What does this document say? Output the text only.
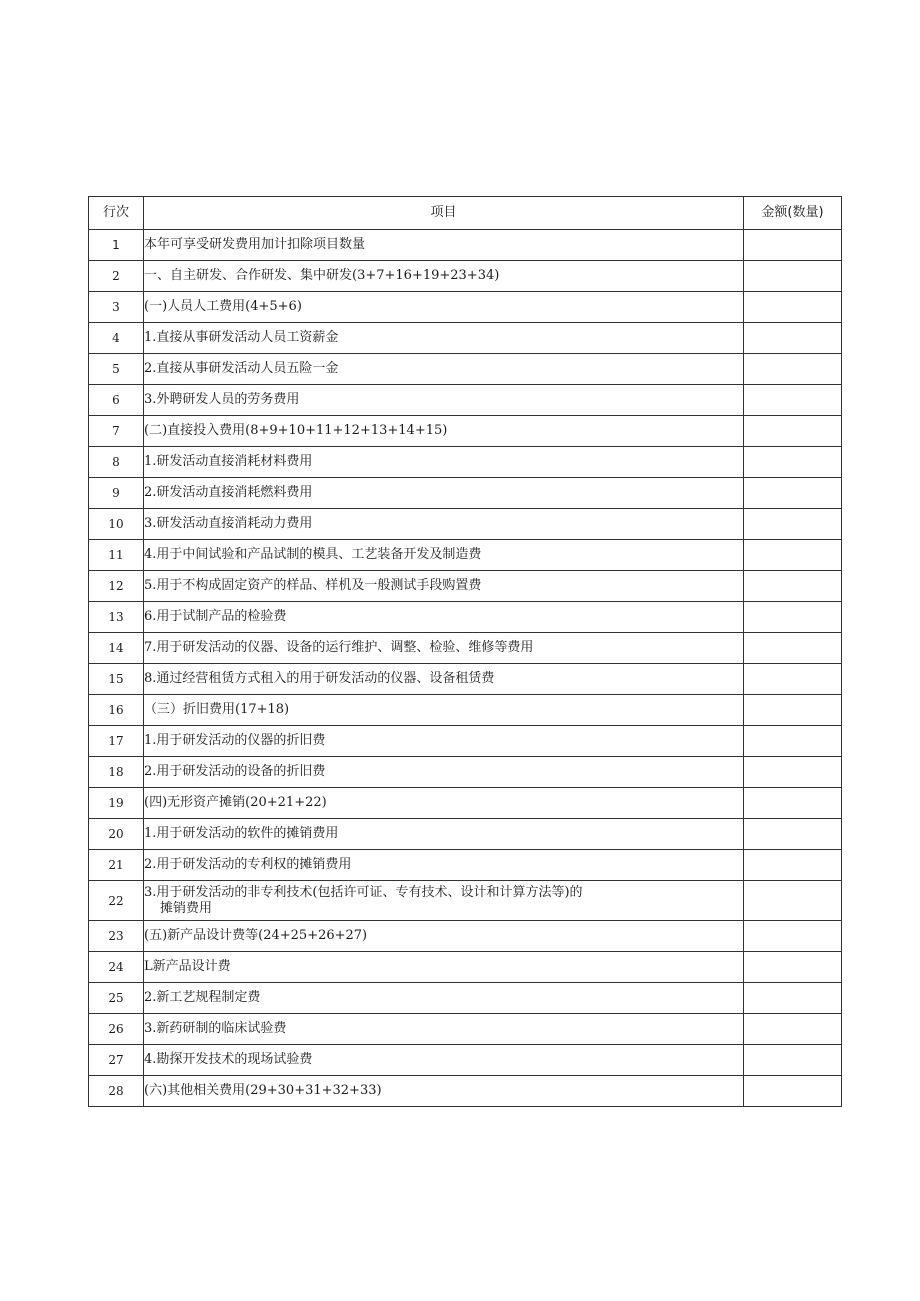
行次	项目	金额(数量)
1	本年可享受研发费用加计扣除项目数量	
2	一、自主研发、合作研发、集中研发(3+7+16+19+23+34)	
3	(一)人员人工费用(4+5+6)	
4	1.直接从事研发活动人员工资薪金	
5	2.直接从事研发活动人员五险一金	
6	3.外聘研发人员的劳务费用	
7	(二)直接投入费用(8+9+10+11+12+13+14+15)	
8	1.研发活动直接消耗材料费用	
9	2.研发活动直接消耗燃料费用	
10	3.研发活动直接消耗动力费用	
11	4.用于中间试验和产品试制的模具、工艺装备开发及制造费	
12	5.用于不构成固定资产的样品、样机及一般测试手段购置费	
13	6.用于试制产品的检验费	
14	7.用于研发活动的仪器、设备的运行维护、调整、检验、维修等费用	
15	8.通过经营租赁方式租入的用于研发活动的仪器、设备租赁费	
16	（三）折旧费用(17+18)	
17	1.用于研发活动的仪器的折旧费	
18	2.用于研发活动的设备的折旧费	
19	(四)无形资产摊销(20+21+22)	
20	1.用于研发活动的软件的摊销费用	
21	2.用于研发活动的专利权的摊销费用	
22	3.用于研发活动的非专利技术(包括许可证、专有技术、设计和计算方法等)的
摊销费用	

23	(五)新产品设计费等(24+25+26+27)	
24	L新产品设计费	
25	2.新工艺规程制定费	
26	3.新药研制的临床试验费	
27	4.勘探开发技术的现场试验费	
28	(六)其他相关费用(29+30+31+32+33)	
